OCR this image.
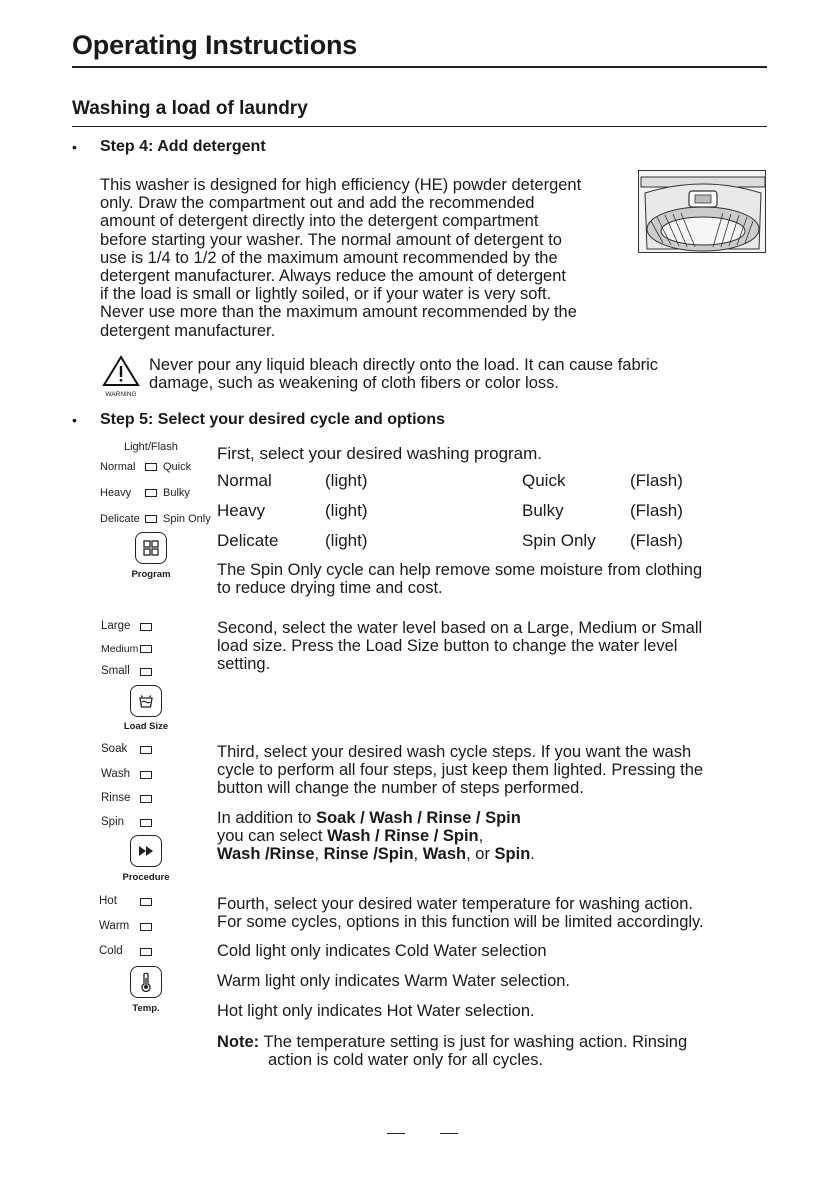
Operating Instructions
Washing a load of laundry
• Step 4: Add detergent

This washer is designed for high efficiency (HE) powder detergent

only. Draw the compartment out and add the recommended

amount of detergent directly into the detergent compartment

before starting your washer. The normal amount of detergent to

use is 1/4 to 1/2 of the maximum amount recommended by the

detergent manufacturer. Always reduce the amount of detergent

if the load is small or lightly soiled, or if your water is very soft.

Never use more than the maximum amount recommended by the

detergent manufacturer.

WARNING

Never pour any liquid bleach directly onto the load. It can cause fabric

damage, such as weakening of cloth fibers or color loss.

• Step 5: Select your desired cycle and options
Light/Flash
Normal	Quick
Heavy	Bulky
Delicate Spin Only
Program
First, select your desired washing program.
Normal	(light)	Quick	(Flash)
Heavy	(light)	Bulky	(Flash)
Delicate	(light)	Spin Only (Flash)

The Spin Only cycle can help remove some moisture from clothing

to reduce drying time and cost.

Large
Medium
Small
Load Size

Second, select the water level based on a Large, Medium or Small

load size. Press the Load Size button to change the water level

setting.

Soak
Wash
Rinse
Spin
Procedure

Third, select your desired wash cycle steps. If you want the wash

cycle to perform all four steps, just keep them lighted. Pressing the

button will change the number of steps performed.

In addition to Soak / Wash / Rinse / Spin

you can select Wash / Rinse / Spin,

Wash /Rinse, Rinse /Spin, Wash, or Spin.

Hot
Warm
Cold
Temp.

Fourth, select your desired water temperature for washing action.

For some cycles, options in this function will be limited accordingly.

Cold light only indicates Cold Water selection
Warm light only indicates Warm Water selection.
Hot light only indicates Hot Water selection.

Note: The temperature setting is just for washing action. Rinsing

action is cold water only for all cycles.
